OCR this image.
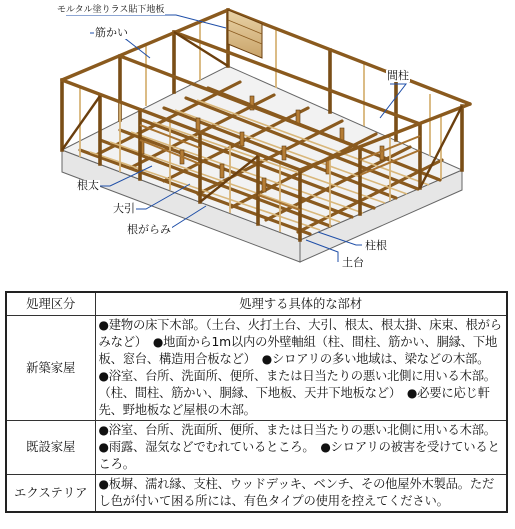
モルタル塗りラス貼下地板
筋かい
間柱
根太
大引
根がらみ
柱根
土台
処理区分	処理する具体的な部材
新築家屋	●建物の床下木部。（土台、火打土台、大引、根太、根太掛、床束、根がらみなど）　●地面から1m以内の外壁軸組（柱、間柱、筋かい、胴縁、下地板、窓台、構造用合板など）　●シロアリの多い地域は、梁などの木部。　●浴室、台所、洗面所、便所、または日当たりの悪い北側に用いる木部。（柱、間柱、筋かい、胴縁、下地板、天井下地板など）　●必要に応じ軒先、野地板など屋根の木部。
既設家屋	●浴室、台所、洗面所、便所、または日当たりの悪い北側に用いる木部。　●雨露、湿気などでむれているところ。　●シロアリの被害を受けているところ。
エクステリア	●板塀、濡れ縁、支柱、ウッドデッキ、ベンチ、その他屋外木製品。ただし色が付いて困る所には、有色タイプの使用を控えてください。
